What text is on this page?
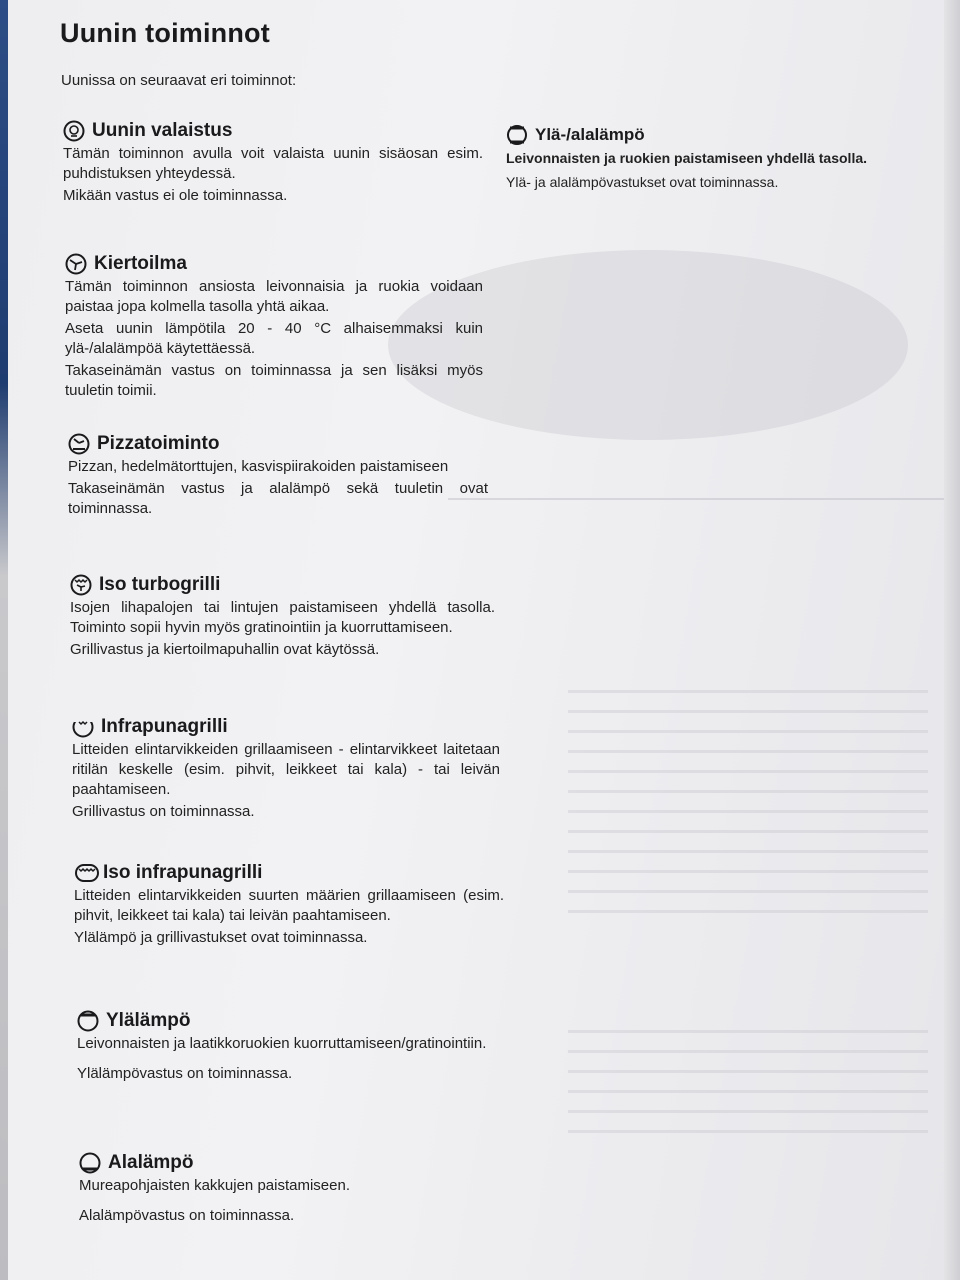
Uunin toiminnot
Uunissa on seuraavat eri toiminnot:
Uunin valaistus

Tämän toiminnon avulla voit valaista uunin sisäosan esim. puhdistuksen yhteydessä.

Mikään vastus ei ole toiminnassa.

Kiertoilma

Tämän toiminnon ansiosta leivonnaisia ja ruokia voidaan paistaa jopa kolmella tasolla yhtä aikaa.

Aseta uunin lämpötila 20 - 40 °C alhaisemmaksi kuin ylä-/alalämpöä käytettäessä.

Takaseinämän vastus on toiminnassa ja sen lisäksi myös tuuletin toimii.

Pizzatoiminto

Pizzan, hedelmätorttujen, kasvispiirakoiden paistamiseen

Takaseinämän vastus ja alalämpö sekä tuuletin ovat toiminnassa.

Iso turbogrilli

Isojen lihapalojen tai lintujen paistamiseen yhdellä tasolla. Toiminto sopii hyvin myös gratinointiin ja kuorruttamiseen.

Grillivastus ja kiertoilmapuhallin ovat käytössä.

Infrapunagrilli

Litteiden elintarvikkeiden grillaamiseen - elintarvikkeet laitetaan ritilän keskelle (esim. pihvit, leikkeet tai kala) - tai leivän paahtamiseen.

Grillivastus on toiminnassa.

Iso infrapunagrilli

Litteiden elintarvikkeiden suurten määrien grillaamiseen (esim. pihvit, leikkeet tai kala) tai leivän paahtamiseen.

Ylälämpö ja grillivastukset ovat toiminnassa.

Ylälämpö

Leivonnaisten ja laatikkoruokien kuorruttamiseen/gratinointiin.

Ylälämpövastus on toiminnassa.

Alalämpö

Mureapohjaisten kakkujen paistamiseen.

Alalämpövastus on toiminnassa.

Ylä-/alalämpö

Leivonnaisten ja ruokien paistamiseen yhdellä tasolla.

Ylä- ja alalämpövastukset ovat toiminnassa.
